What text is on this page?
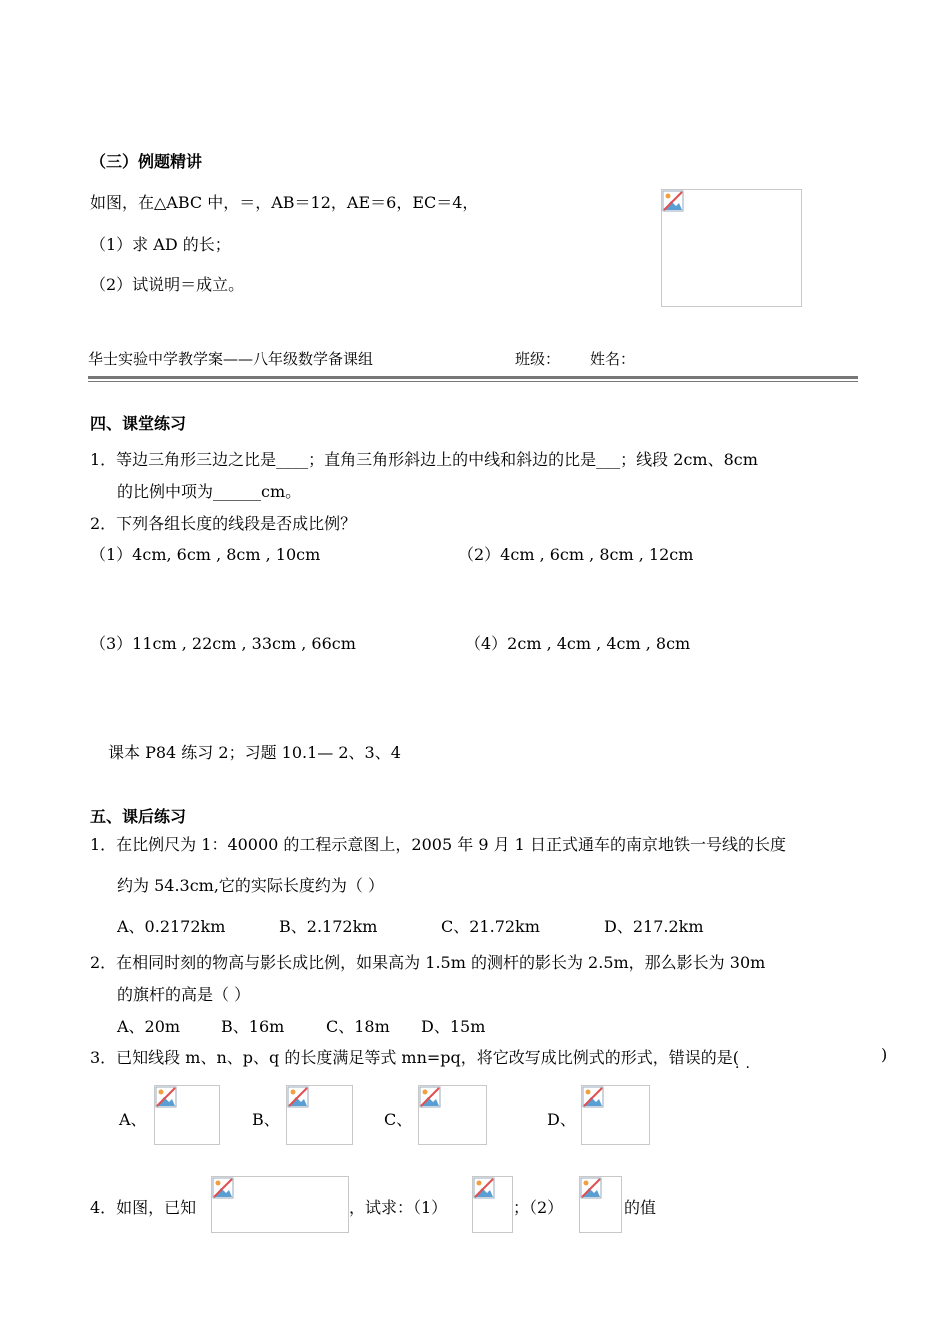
（三）例题精讲
如图，在△ABC 中，＝，AB＝12，AE＝6，EC＝4，
（1）求 AD 的长；
（2）试说明＝成立。
华士实验中学教学案——八年级数学备课组	班级： 姓名：
四、课堂练习
1．等边三角形三边之比是____；直角三角形斜边上的中线和斜边的比是___；线段 2cm、8cm
的比例中项为______cm。
2．下列各组长度的线段是否成比例？
（1）4cm, 6cm , 8cm , 10cm	（2）4cm , 6cm , 8cm , 12cm
（3）11cm , 22cm , 33cm , 66cm	（4）2cm , 4cm , 4cm , 8cm
课本 P84 练习 2；习题 10.1— 2、3、4
五、课后练习
1．在比例尺为 1：40000 的工程示意图上，2005 年 9 月 1 日正式通车的南京地铁一号线的长度
约为 54.3cm,它的实际长度约为（ ）
A、0.2172km	B、2.172km	C、21.72km	D、217.2km
2．在相同时刻的物高与影长成比例，如果高为 1.5m 的测杆的影长为 2.5m，那么影长为 30m
的旗杆的高是（ ）
A、20m	B、16m	C、18m D、15m
3．已知线段 m、n、p、q 的长度满足等式 mn=pq，将它改写成比例式的形式，错误的是(	)
··
A、	B、	C、	D、
4．如图，已知	，试求：（1）	；（2）	的值
